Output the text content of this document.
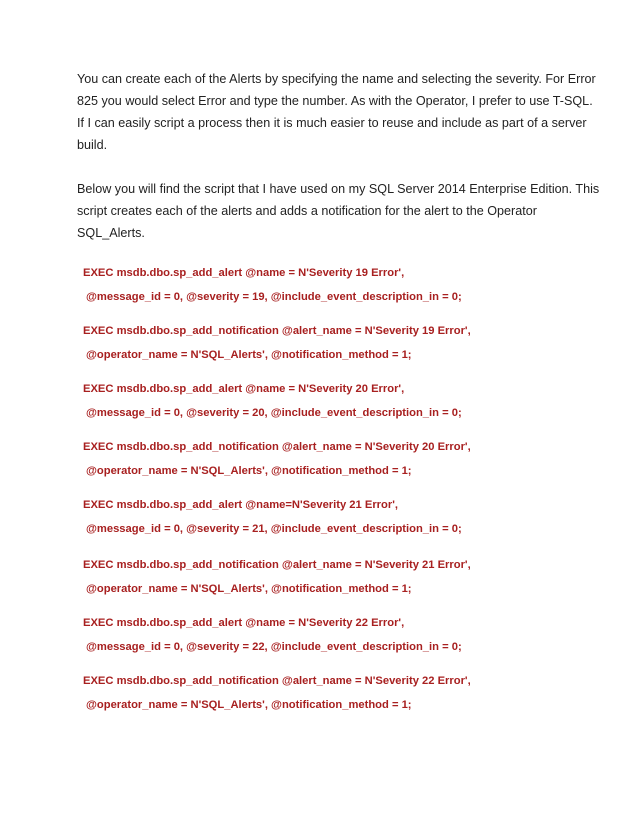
You can create each of the Alerts by specifying the name and selecting the severity. For Error
825 you would select Error and type the number. As with the Operator, I prefer to use T-SQL.
If I can easily script a process then it is much easier to reuse and include as part of a server
build.

Below you will find the script that I have used on my SQL Server 2014 Enterprise Edition. This
script creates each of the alerts and adds a notification for the alert to the Operator
SQL_Alerts.

EXEC msdb.dbo.sp_add_alert @name = N'Severity 19 Error',
@message_id = 0, @severity = 19, @include_event_description_in = 0;
EXEC msdb.dbo.sp_add_notification @alert_name = N'Severity 19 Error',
@operator_name = N'SQL_Alerts', @notification_method = 1;
EXEC msdb.dbo.sp_add_alert @name = N'Severity 20 Error',
@message_id = 0, @severity = 20, @include_event_description_in = 0;
EXEC msdb.dbo.sp_add_notification @alert_name = N'Severity 20 Error',
@operator_name = N'SQL_Alerts', @notification_method = 1;
EXEC msdb.dbo.sp_add_alert @name=N'Severity 21 Error',
@message_id = 0, @severity = 21, @include_event_description_in = 0;
EXEC msdb.dbo.sp_add_notification @alert_name = N'Severity 21 Error',
@operator_name = N'SQL_Alerts', @notification_method = 1;
EXEC msdb.dbo.sp_add_alert @name = N'Severity 22 Error',
@message_id = 0, @severity = 22, @include_event_description_in = 0;
EXEC msdb.dbo.sp_add_notification @alert_name = N'Severity 22 Error',
@operator_name = N'SQL_Alerts', @notification_method = 1;
